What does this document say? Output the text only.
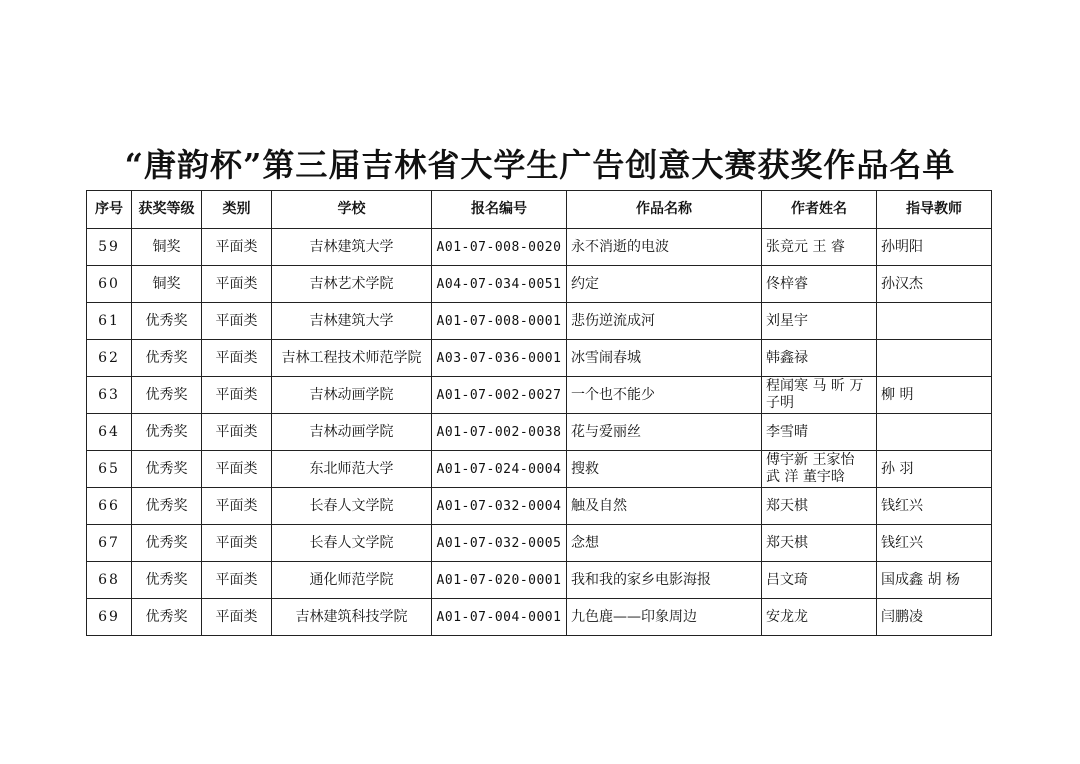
“唐韵杯”第三届吉林省大学生广告创意大赛获奖作品名单
序号	获奖等级	类别	学校	报名编号	作品名称	作者姓名	指导教师
59	铜奖	平面类	吉林建筑大学	A01-07-008-0020	永不消逝的电波	张竞元 王 睿	孙明阳
60	铜奖	平面类	吉林艺术学院	A04-07-034-0051	约定	佟梓睿	孙汉杰
61	优秀奖	平面类	吉林建筑大学	A01-07-008-0001	悲伤逆流成河	刘星宇	
62	优秀奖	平面类	吉林工程技术师范学院	A03-07-036-0001	冰雪闹春城	韩鑫禄	
63	优秀奖	平面类	吉林动画学院	A01-07-002-0027	一个也不能少	程闻寒 马 昕 万子明	柳 明
64	优秀奖	平面类	吉林动画学院	A01-07-002-0038	花与爱丽丝	李雪晴	
65	优秀奖	平面类	东北师范大学	A01-07-024-0004	搜救	傅宇新 王家怡 武 洋 董宇晗	孙 羽
66	优秀奖	平面类	长春人文学院	A01-07-032-0004	触及自然	郑天棋	钱红兴
67	优秀奖	平面类	长春人文学院	A01-07-032-0005	念想	郑天棋	钱红兴
68	优秀奖	平面类	通化师范学院	A01-07-020-0001	我和我的家乡电影海报	吕文琦	国成鑫 胡 杨
69	优秀奖	平面类	吉林建筑科技学院	A01-07-004-0001	九色鹿——印象周边	安龙龙	闫鹏凌
